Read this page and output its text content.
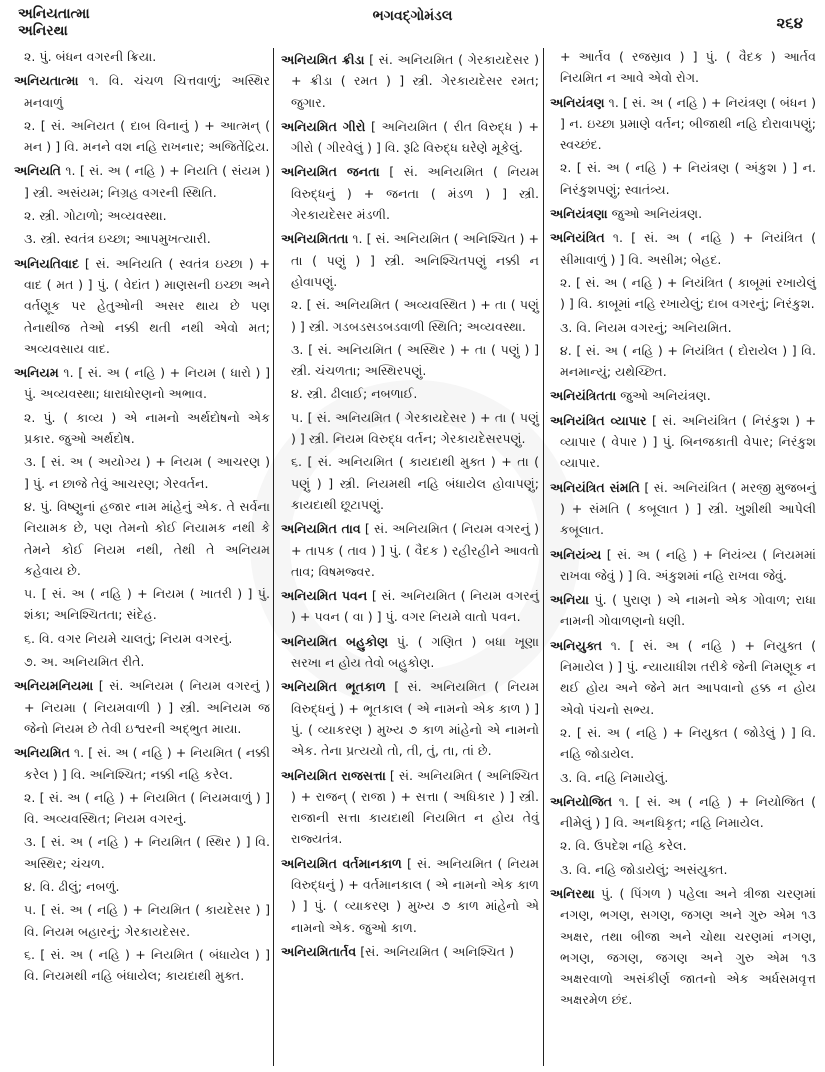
અનિયતાત્મા
અનિરથા
ભગવદ્ગોમંડલ	૨૬૪
૨. પું. બંધન વગરની ક્રિયા.
અનિયતાત્મા ૧. વિ. ચંચળ ચિત્તવાળું; અસ્થિર મનવાળું
૨. [ સં. અનિયત ( દાબ વિનાનું ) + આત્મન્ ( મન ) ] વિ. મનને વશ નહિ રાખનાર; અજિતેંદ્રિય.
અનિયતિ ૧. [ સં. અ ( નહિ ) + નિયતિ ( સંયમ ) ] સ્ત્રી. અસંયમ; નિગ્રહ વગરની સ્થિતિ.
૨. સ્ત્રી. ગોટાળો; અવ્યવસ્થા.
૩. સ્ત્રી. સ્વતંત્ર ઇચ્છા; આપમુખત્યારી.
અનિયતિવાદ [ સં. અનિયતિ ( સ્વતંત્ર ઇચ્છા ) + વાદ ( મત ) ] પું. ( વેદાંત ) માણસની ઇચ્છા અને વર્તણૂક પર હેતુઓની અસર થાય છે પણ તેનાથીજ તેઓ નક્કી થતી નથી એવો મત; અવ્યવસાય વાદ.
અનિયમ ૧. [ સં. અ ( નહિ ) + નિયમ ( ધારો ) ] પું. અવ્યવસ્થા; ધારાધોરણનો અભાવ.
૨. પું. ( કાવ્ય ) એ નામનો અર્થદોષનો એક પ્રકાર. જુઓ અર્થદોષ.
૩. [ સં. અ ( અયોગ્ય ) + નિયમ ( આચરણ ) ] પું. ન છાજે તેવું આચરણ; ગેરવર્તન.
૪. પું. વિષ્ણુનાં હજાર નામ માંહેનું એક. તે સર્વના નિયામક છે, પણ તેમનો કોઈ નિયામક નથી કે તેમને કોઈ નિયમ નથી, તેથી તે અનિયમ કહેવાય છે.
૫. [ સં. અ ( નહિ ) + નિયમ ( ખાતરી ) ] પું. શંકા; અનિશ્ચિતતા; સંદેહ.
૬. વિ. વગર નિયમે ચાલતું; નિયમ વગરનું.
૭. અ. અનિયમિત રીતે.
અનિયમનિયમા [ સં. અનિયમ ( નિયમ વગરનું ) + નિયમા ( નિયમવાળી ) ] સ્ત્રી. અનિયમ જ જેનો નિયમ છે તેવી ઇશ્વરની અદ્ભુત માયા.
અનિયમિત ૧. [ સં. અ ( નહિ ) + નિયમિત ( નક્કી કરેલ ) ] વિ. અનિશ્ચિત; નક્કી નહિ કરેલ.
૨. [ સં. અ ( નહિ ) + નિયમિત ( નિયમવાળું ) ] વિ. અવ્યવસ્થિત; નિયમ વગરનું.
૩. [ સં. અ ( નહિ ) + નિયમિત ( સ્થિર ) ] વિ. અસ્થિર; ચંચળ.
૪. વિ. ઢીલું; નબળું.
૫. [ સં. અ ( નહિ ) + નિયમિત ( કાયદેસર ) ] વિ. નિયમ બહારનું; ગેરકાયદેસર.
૬. [ સં. અ ( નહિ ) + નિયમિત ( બંધાયેલ ) ] વિ. નિયમથી નહિ બંધાયેલ; કાયદાથી મુક્ત.
અનિયમિત ક્રીડા [ સં. અનિયમિત ( ગેરકાયદેસર ) + ક્રીડા ( રમત ) ] સ્ત્રી. ગેરકાયદેસર રમત; જુગાર.
અનિયમિત ગીરો [ અનિયમિત ( રીત વિરુદ્ધ ) + ગીરો ( ગીરવેલું ) ] વિ. રૂઢિ વિરુદ્ધ ઘરેણે મૂકેલું.
અનિયમિત જનતા [ સં. અનિયમિત ( નિયમ વિરુદ્ધનું ) + જનતા ( મંડળ ) ] સ્ત્રી. ગેરકાયદેસર મંડળી.
અનિયમિતતા ૧. [ સં. અનિયમિત ( અનિશ્ચિત ) + તા ( પણું ) ] સ્ત્રી. અનિશ્ચિતપણું નક્કી ન હોવાપણું.
૨. [ સં. અનિયમિત ( અવ્યવસ્થિત ) + તા ( પણું ) ] સ્ત્રી. ગડબડસડબડવાળી સ્થિતિ; અવ્યવસ્થા.
૩. [ સં. અનિયમિત ( અસ્થિર ) + તા ( પણું ) ] સ્ત્રી. ચંચળતા; અસ્થિરપણું.
૪. સ્ત્રી. ઢીલાઈ; નબળાઈ.
૫. [ સં. અનિયમિત ( ગેરકાયદેસર ) + તા ( પણું ) ] સ્ત્રી. નિયમ વિરુદ્ધ વર્તન; ગેરકાયદેસરપણું.
૬. [ સં. અનિયમિત ( કાયદાથી મુક્ત ) + તા ( પણું ) ] સ્ત્રી. નિયમથી નહિ બંધાયેલ હોવાપણું; કાયદાથી છૂટાપણું.
અનિયમિત તાવ [ સં. અનિયમિત ( નિયમ વગરનું ) + તાપક ( તાવ ) ] પું. ( વૈદક ) રહીરહીને આવતો તાવ; વિષમજ્વર.
અનિયમિત પવન [ સં. અનિયમિત ( નિયમ વગરનું ) + પવન ( વા ) ] પું. વગર નિયમે વાતો પવન.
અનિયમિત બહુકોણ પું. ( ગણિત ) બધા ખૂણા સરખા ન હોય તેવો બહુકોણ.
અનિયમિત ભૂતકાળ [ સં. અનિયમિત ( નિયમ વિરુદ્ધનું ) + ભૂતકાલ ( એ નામનો એક કાળ ) ] પું. ( વ્યાકરણ ) મુખ્ય ૭ કાળ માંહેનો એ નામનો એક. તેના પ્રત્યયો તો, તી, તું, તા, તાં છે.
અનિયમિત રાજસત્તા [ સં. અનિયમિત ( અનિશ્ચિત ) + રાજન્ ( રાજા ) + સત્તા ( અધિકાર ) ] સ્ત્રી. રાજાની સત્તા કાયદાથી નિયમિત ન હોય તેવું રાજ્યતંત્ર.
અનિયમિત વર્તમાનકાળ [ સં. અનિયમિત ( નિયમ વિરુદ્ધનું ) + વર્તમાનકાલ ( એ નામનો એક કાળ ) ] પું. ( વ્યાકરણ ) મુખ્ય ૭ કાળ માંહેનો એ નામનો એક. જુઓ કાળ.
અનિયમિતાર્તવ [સં. અનિયમિત ( અનિશ્ચિત )
+ આર્તવ ( રજસ્રાવ ) ] પું. ( વૈદક ) આર્તવ નિયમિત ન આવે એવો રોગ.
અનિયંત્રણ ૧. [ સં. અ ( નહિ ) + નિયંત્રણ ( બંધન ) ] ન. ઇચ્છા પ્રમાણે વર્તન; બીજાથી નહિ દોરાવાપણું; સ્વચ્છંદ.
૨. [ સં. અ ( નહિ ) + નિયંત્રણ ( અંકુશ ) ] ન. નિરંકુશપણું; સ્વાતંત્ર્ય.
અનિયંત્રણા જુઓ અનિયંત્રણ.
અનિયંત્રિત ૧. [ સં. અ ( નહિ ) + નિયંત્રિત ( સીમાવાળું ) ] વિ. અસીમ; બેહદ.
૨. [ સં. અ ( નહિ ) + નિયંત્રિત ( કાબૂમાં રખાયેલું ) ] વિ. કાબૂમાં નહિ રખાયેલું; દાબ વગરનું; નિરંકુશ.
૩. વિ. નિયમ વગરનું; અનિયમિત.
૪. [ સં. અ ( નહિ ) + નિયંત્રિત ( દોરાયેલ ) ] વિ. મનમાન્યું; યથેચ્છિત.
અનિયંત્રિતતા જુઓ અનિયંત્રણ.
અનિયંત્રિત વ્યાપાર [ સં. અનિયંત્રિત ( નિરંકુશ ) + વ્યાપાર ( વેપાર ) ] પું. બિનજકાતી વેપાર; નિરંકુશ વ્યાપાર.
અનિયંત્રિત સંમતિ [ સં. અનિયંત્રિત ( મરજી મુજબનું ) + સંમતિ ( કબૂલાત ) ] સ્ત્રી. ખુશીથી આપેલી કબૂલાત.
અનિયંત્ર્ય [ સં. અ ( નહિ ) + નિયંત્ર્ય ( નિયમમાં રાખવા જેવું ) ] વિ. અંકુશમાં નહિ રાખવા જેવું.
અનિયા પું. ( પુરાણ ) એ નામનો એક ગોવાળ; રાધા નામની ગોવાળણનો ધણી.
અનિયુક્ત ૧. [ સં. અ ( નહિ ) + નિયુક્ત ( નિમાયેલ ) ] પું. ન્યાયાધીશ તરીકે જેની નિમણૂક ન થઈ હોય અને જેને મત આપવાનો હક્ક ન હોય એવો પંચનો સભ્ય.
૨. [ સં. અ ( નહિ ) + નિયુક્ત ( જોડેલું ) ] વિ. નહિ જોડાયેલ.
૩. વિ. નહિ નિમાયેલું.
અનિયોજિત ૧. [ સં. અ ( નહિ ) + નિયોજિત ( નીમેલું ) ] વિ. અનધિકૃત; નહિ નિમાયેલ.
૨. વિ. ઉપદેશ નહિ કરેલ.
૩. વિ. નહિ જોડાયેલું; અસંયુક્ત.
અનિરથા પું. ( પિંગળ ) પહેલા અને ત્રીજા ચરણમાં નગણ, ભગણ, સગણ, જગણ અને ગુરુ એમ ૧૩ અક્ષર, તથા બીજા અને ચોથા ચરણમાં નગણ, ભગણ, જગણ, જગણ અને ગુરુ એમ ૧૩ અક્ષરવાળો અસંકીર્ણ જાતનો એક અર્ધસમવૃત્ત અક્ષરમેળ છંદ.
